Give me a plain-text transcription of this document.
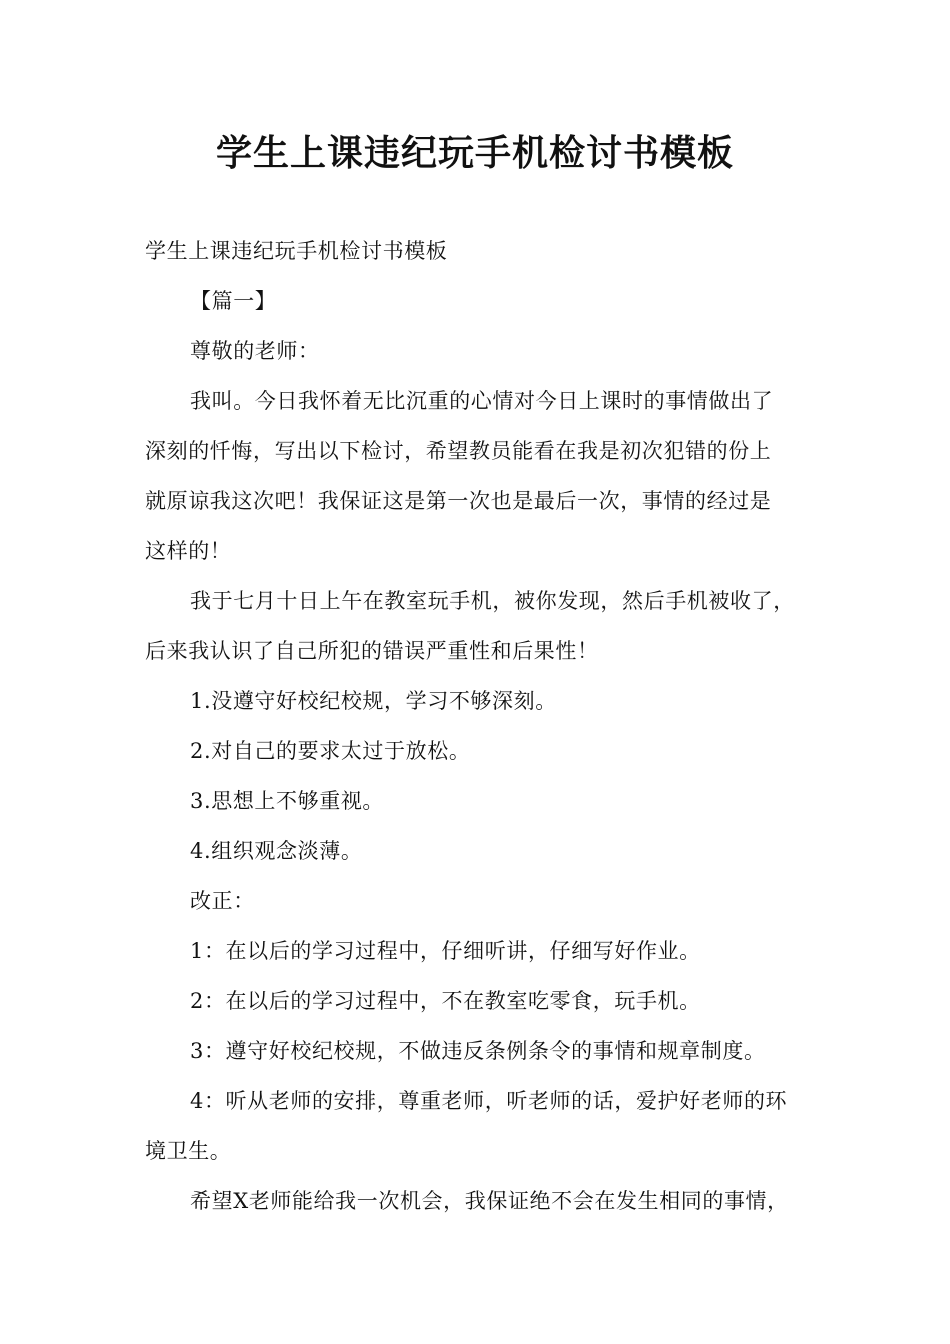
学生上课违纪玩手机检讨书模板

学生上课违纪玩手机检讨书模板

【篇一】

尊敬的老师：

我叫。今日我怀着无比沉重的心情对今日上课时的事情做出了

深刻的忏悔，写出以下检讨，希望教员能看在我是初次犯错的份上

就原谅我这次吧！我保证这是第一次也是最后一次，事情的经过是

这样的！

我于七月十日上午在教室玩手机，被你发现，然后手机被收了，

后来我认识了自己所犯的错误严重性和后果性！

1.没遵守好校纪校规，学习不够深刻。

2.对自己的要求太过于放松。

3.思想上不够重视。

4.组织观念淡薄。

改正：

1：在以后的学习过程中，仔细听讲，仔细写好作业。

2：在以后的学习过程中，不在教室吃零食，玩手机。

3：遵守好校纪校规，不做违反条例条令的事情和规章制度。

4：听从老师的安排，尊重老师，听老师的话，爱护好老师的环

境卫生。

希望X老师能给我一次机会，我保证绝不会在发生相同的事情，
